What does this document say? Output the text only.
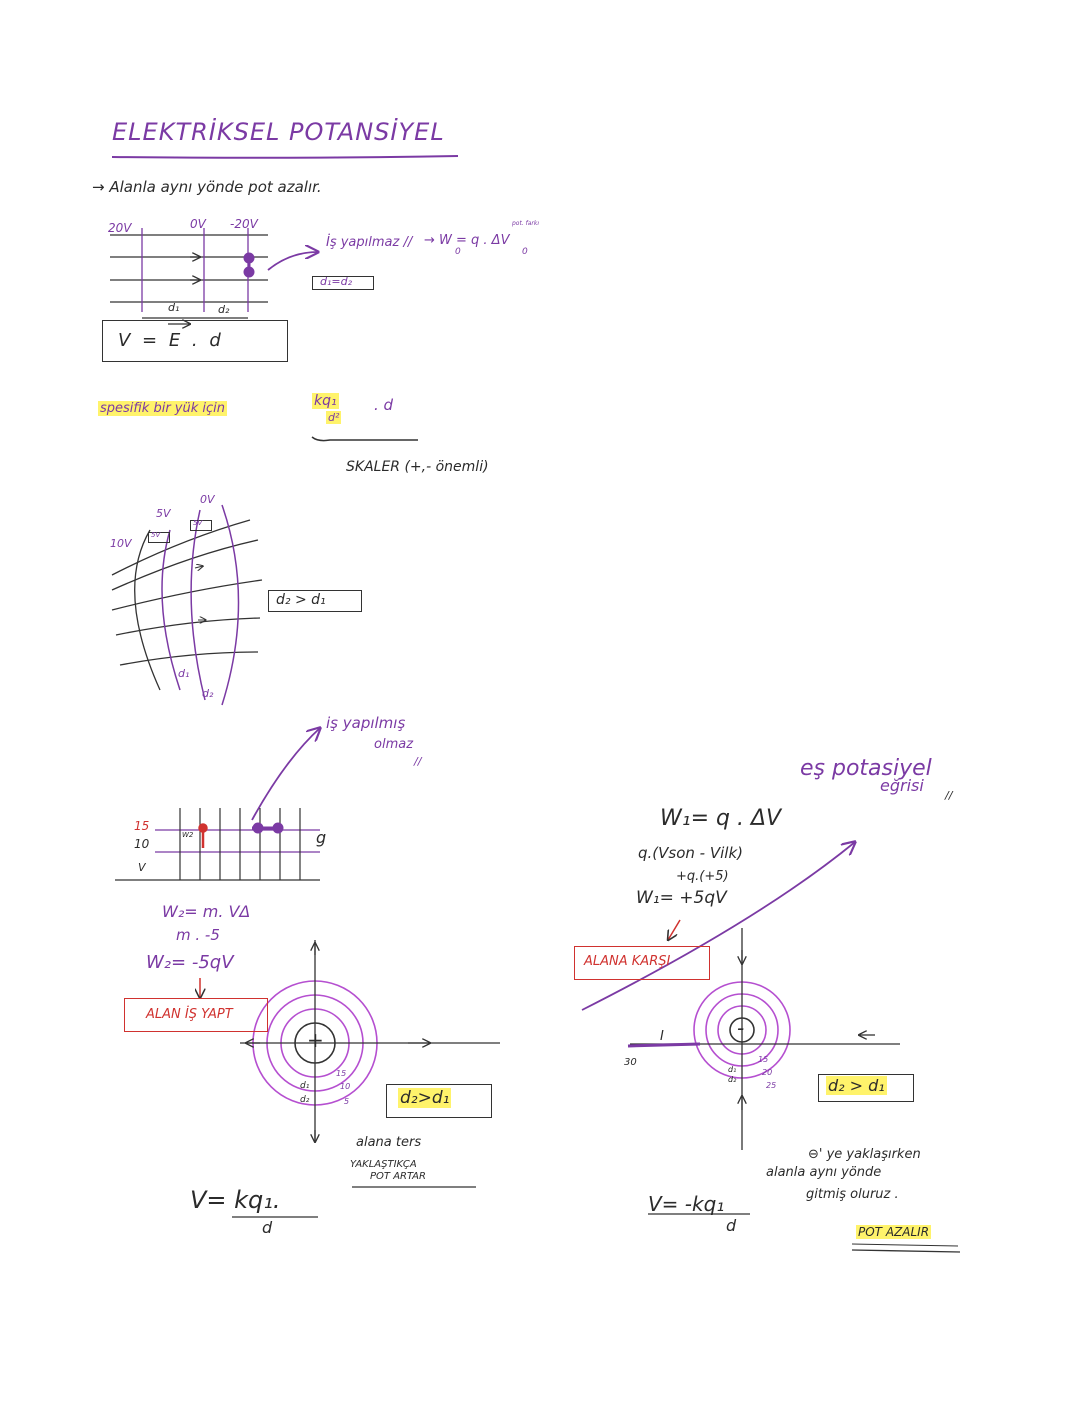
ELEKTRİKSEL POTANSİYEL
→ Alanla aynı yönde pot azalır.
20V	0V -20V
d₁	d₂
İş yapılmaz // → W = q . ΔV
pot. farkı
0	0
d₁=d₂
V = E . d
spesifik bir yük için	kq₁
d²
. d
SKALER (+,- önemli)
10V
5V
0V
5V
5V
d₁
d₂
d₂ > d₁
iş yapılmış
olmaz
//
15
10
V
W2	g
W₂= m. VΔ
m . -5
W₂= -5qV
ALAN İŞ YAPT
+
d₁
d₂
15
10
5	d₂>d₁
alana ters
YAKLAŞTIKÇA
POT ARTAR
V= kq₁.
d
eş potasiyel
eğrisi
//
W₁= q . ΔV
q.(Vson - Vilk)
+q.(+5)
W₁= +5qV
ALANA KARŞI
I
30
-
d₁
d₂
15
20
25	d₂ > d₁
⊖' ye yaklaşırken
alanla aynı yönde
gitmiş oluruz .
POT AZALIR
V= -kq₁
d
